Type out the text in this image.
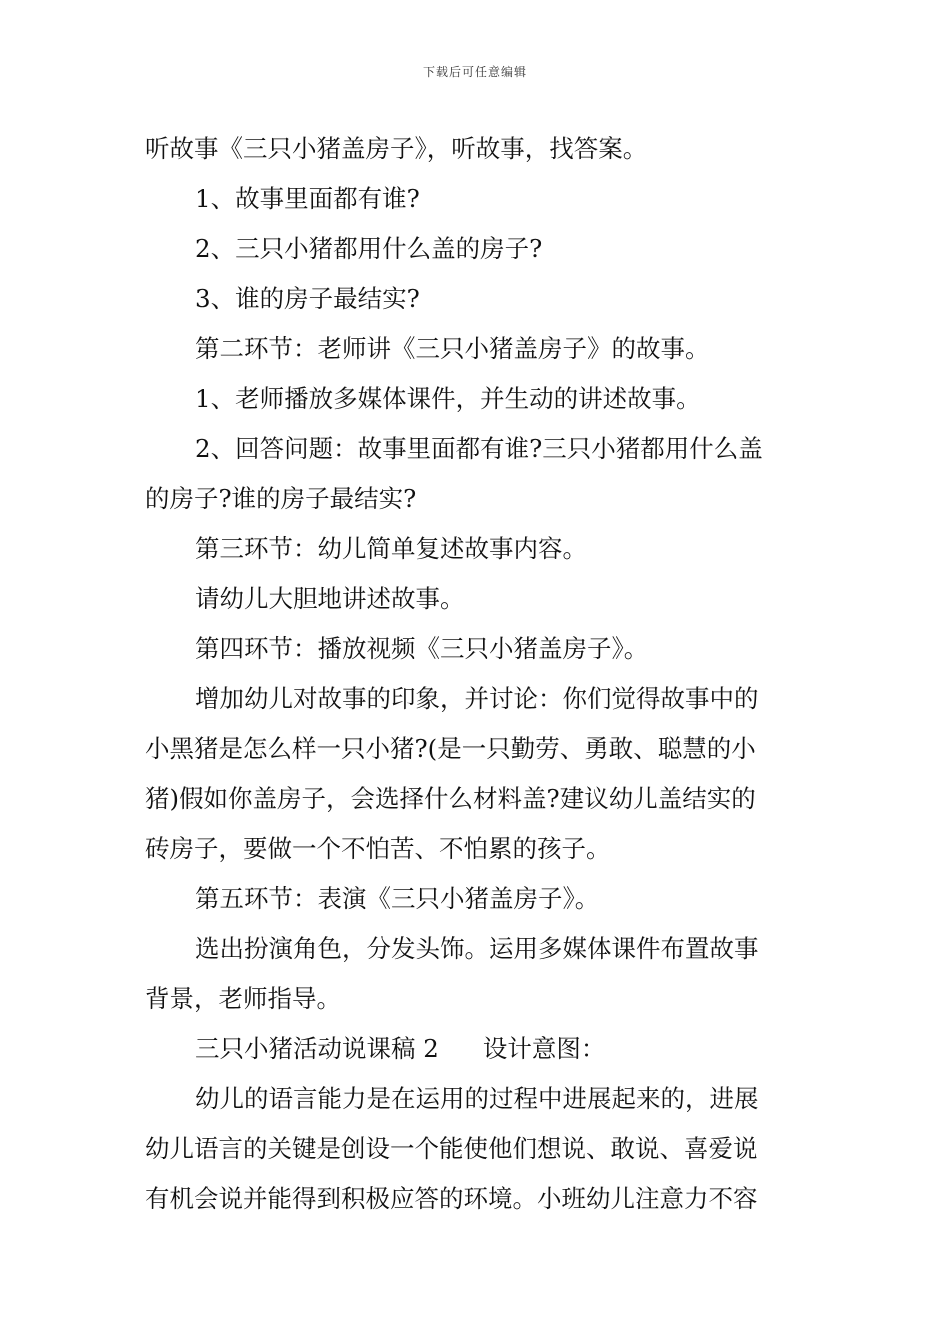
下载后可任意编辑
听故事《三只小猪盖房子》，听故事，找答案。
1、故事里面都有谁?
2、三只小猪都用什么盖的房子?
3、谁的房子最结实?
第二环节：老师讲《三只小猪盖房子》的故事。
1、老师播放多媒体课件，并生动的讲述故事。
2、回答问题：故事里面都有谁?三只小猪都用什么盖
的房子?谁的房子最结实?
第三环节：幼儿简单复述故事内容。
请幼儿大胆地讲述故事。
第四环节：播放视频《三只小猪盖房子》。
增加幼儿对故事的印象，并讨论：你们觉得故事中的
小黑猪是怎么样一只小猪?(是一只勤劳、勇敢、聪慧的小
猪)假如你盖房子，会选择什么材料盖?建议幼儿盖结实的
砖房子，要做一个不怕苦、不怕累的孩子。
第五环节：表演《三只小猪盖房子》。
选出扮演角色，分发头饰。运用多媒体课件布置故事
背景，老师指导。
三只小猪活动说课稿 2 设计意图：
幼儿的语言能力是在运用的过程中进展起来的，进展
幼儿语言的关键是创设一个能使他们想说、敢说、喜爱说
有机会说并能得到积极应答的环境。小班幼儿注意力不容
